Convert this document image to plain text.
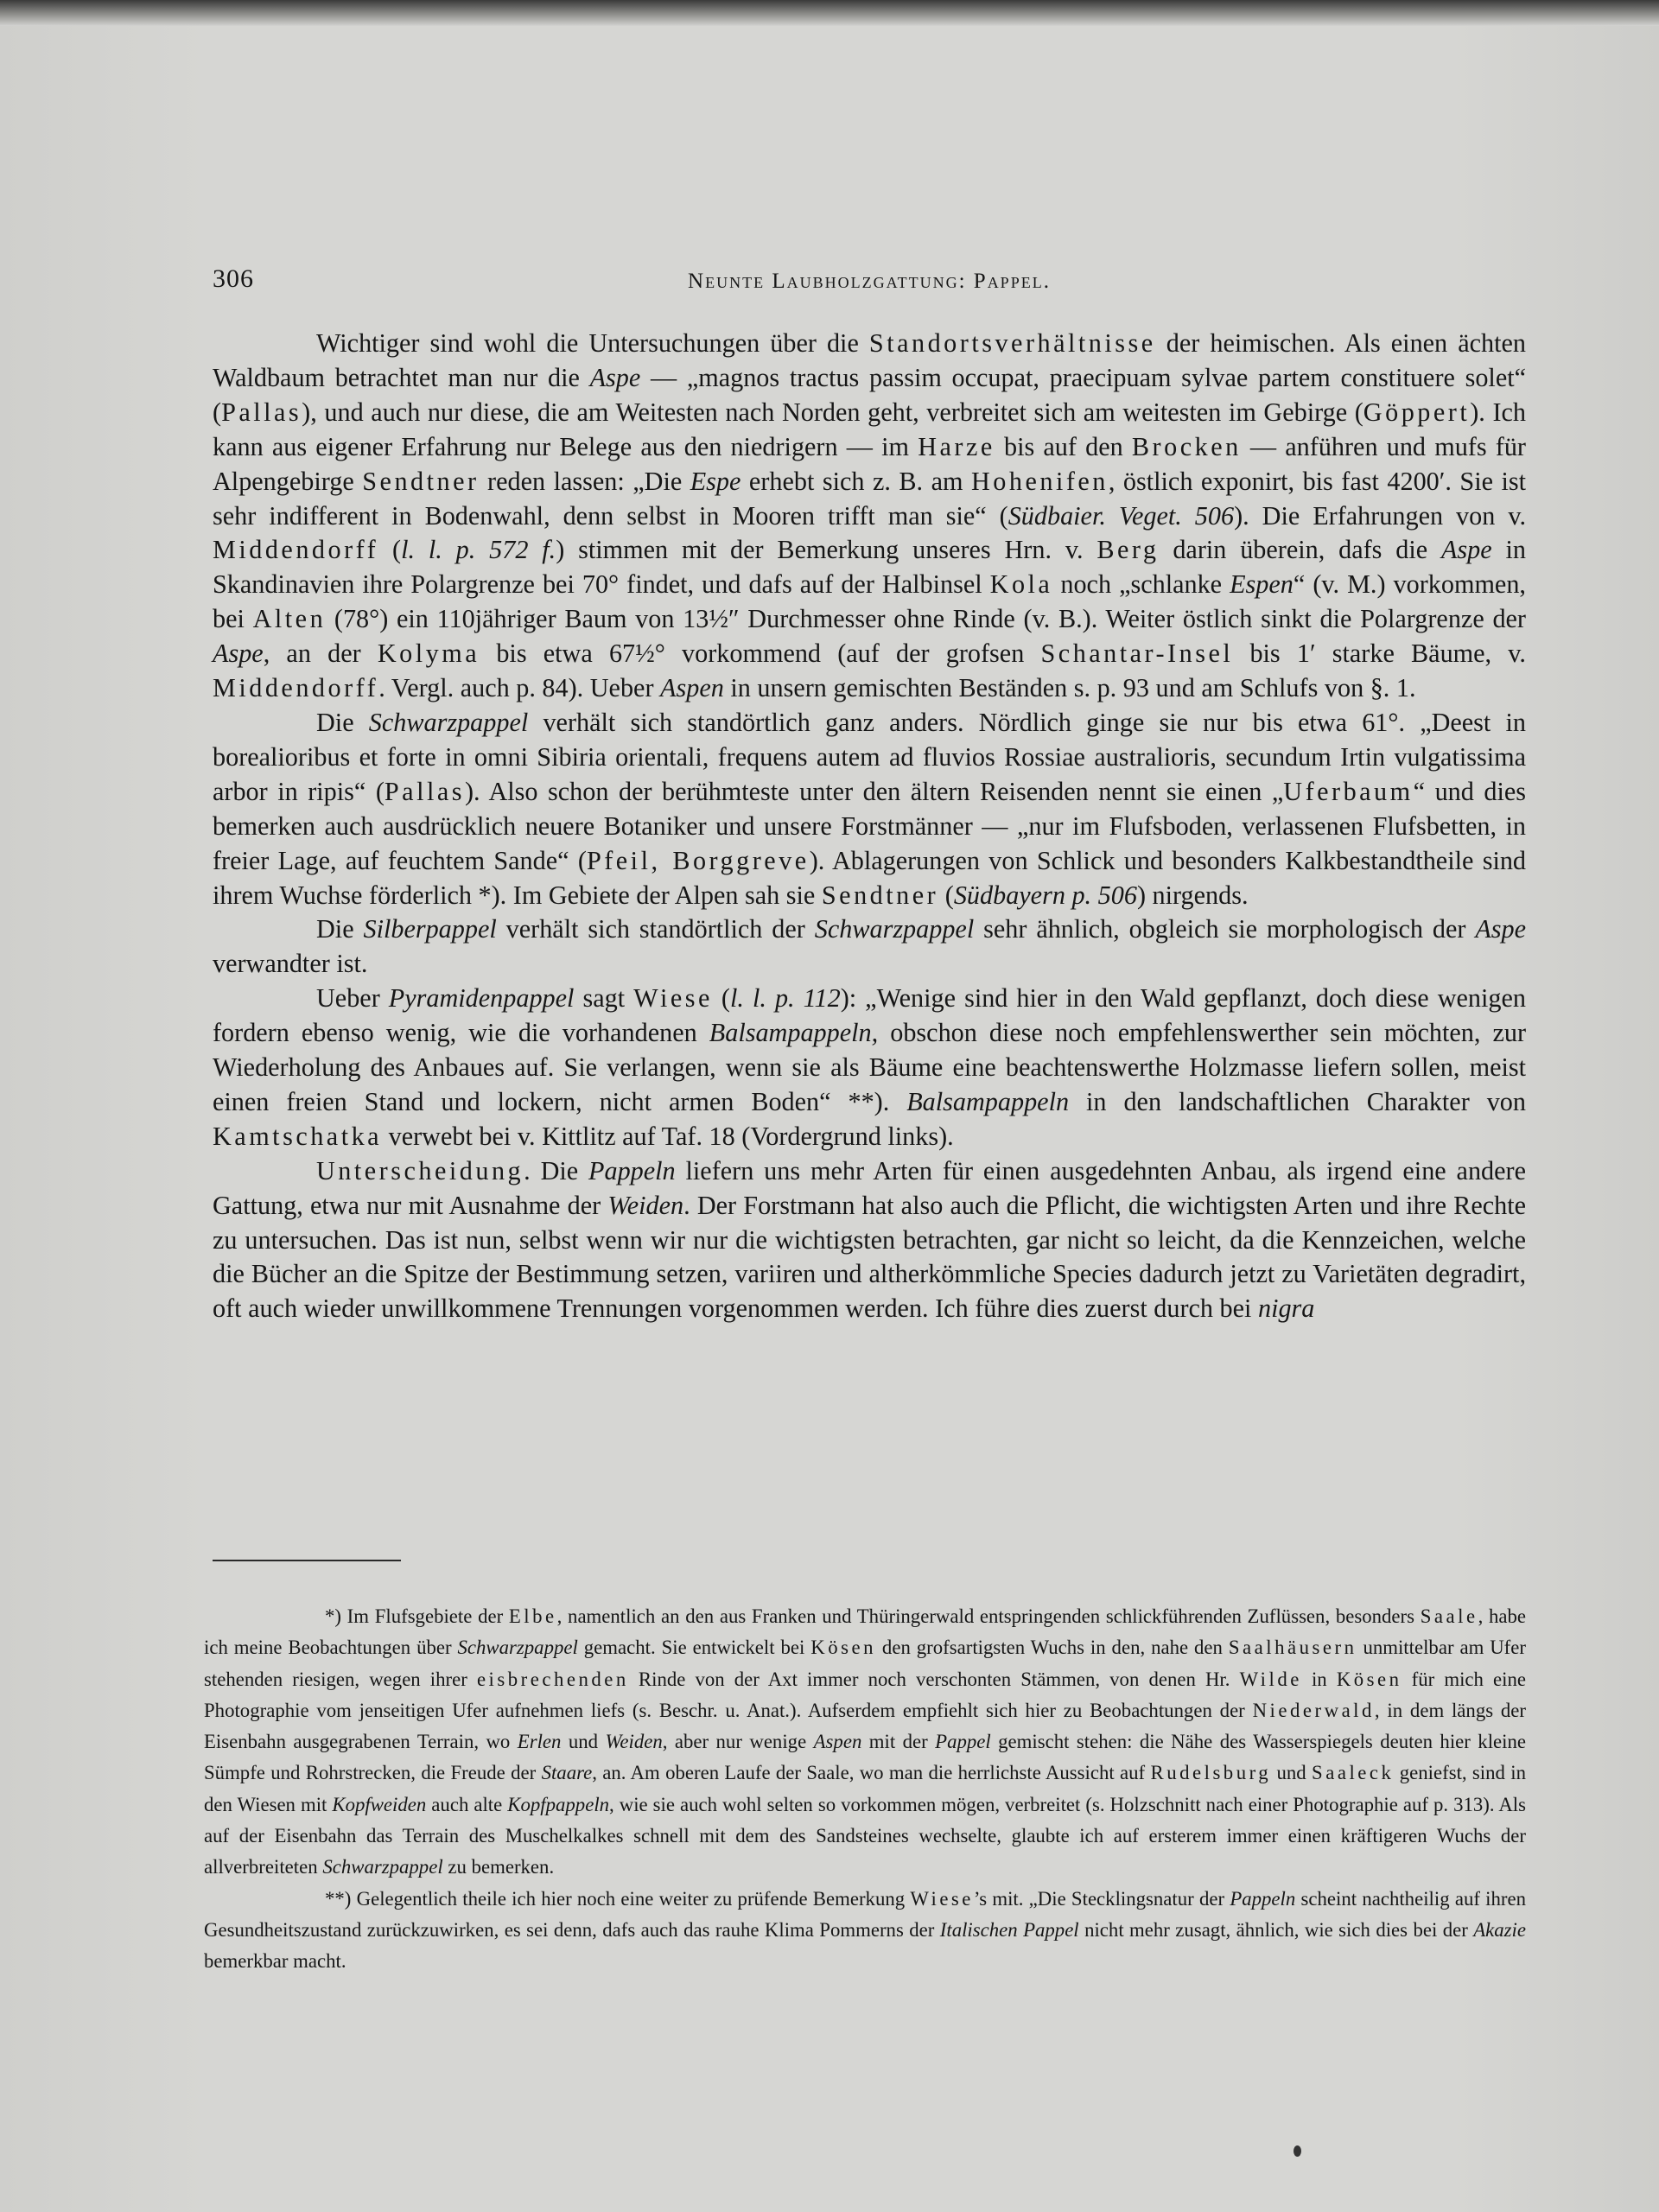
306	Neunte Laubholzgattung: Pappel.

Wichtiger sind wohl die Untersuchungen über die Standortsverhältnisse der heimischen. Als einen ächten Waldbaum betrachtet man nur die Aspe — „magnos tractus passim occupat, praecipuam sylvae partem constituere solet“ (Pallas), und auch nur diese, die am Weitesten nach Norden geht, verbreitet sich am weitesten im Gebirge (Göppert). Ich kann aus eigener Erfahrung nur Belege aus den niedrigern — im Harze bis auf den Brocken — anführen und mufs für Alpengebirge Sendtner reden lassen: „Die Espe erhebt sich z. B. am Hohenifen, östlich exponirt, bis fast 4200′. Sie ist sehr indifferent in Bodenwahl, denn selbst in Mooren trifft man sie“ (Südbaier. Veget. 506). Die Erfahrungen von v. Middendorff (l. l. p. 572 f.) stimmen mit der Bemerkung unseres Hrn. v. Berg darin überein, dafs die Aspe in Skandinavien ihre Polargrenze bei 70° findet, und dafs auf der Halbinsel Kola noch „schlanke Espen“ (v. M.) vorkommen, bei Alten (78°) ein 110jähriger Baum von 13½″ Durchmesser ohne Rinde (v. B.). Weiter östlich sinkt die Polargrenze der Aspe, an der Kolyma bis etwa 67½° vorkommend (auf der grofsen Schantar-Insel bis 1′ starke Bäume, v. Middendorff. Vergl. auch p. 84). Ueber Aspen in unsern gemischten Beständen s. p. 93 und am Schlufs von §. 1.

Die Schwarzpappel verhält sich standörtlich ganz anders. Nördlich ginge sie nur bis etwa 61°. „Deest in borealioribus et forte in omni Sibiria orientali, frequens autem ad fluvios Rossiae australioris, secundum Irtin vulgatissima arbor in ripis“ (Pallas). Also schon der berühmteste unter den ältern Reisenden nennt sie einen „Uferbaum“ und dies bemerken auch ausdrücklich neuere Botaniker und unsere Forstmänner — „nur im Flufsboden, verlassenen Flufsbetten, in freier Lage, auf feuchtem Sande“ (Pfeil, Borggreve). Ablagerungen von Schlick und besonders Kalkbestandtheile sind ihrem Wuchse förderlich *). Im Gebiete der Alpen sah sie Sendtner (Südbayern p. 506) nirgends.

Die Silberpappel verhält sich standörtlich der Schwarzpappel sehr ähnlich, obgleich sie morphologisch der Aspe verwandter ist.

Ueber Pyramidenpappel sagt Wiese (l. l. p. 112): „Wenige sind hier in den Wald gepflanzt, doch diese wenigen fordern ebenso wenig, wie die vorhandenen Balsampappeln, obschon diese noch empfehlenswerther sein möchten, zur Wiederholung des Anbaues auf. Sie verlangen, wenn sie als Bäume eine beachtenswerthe Holzmasse liefern sollen, meist einen freien Stand und lockern, nicht armen Boden“ **). Balsampappeln in den landschaftlichen Charakter von Kamtschatka verwebt bei v. Kittlitz auf Taf. 18 (Vordergrund links).

Unterscheidung. Die Pappeln liefern uns mehr Arten für einen ausgedehnten Anbau, als irgend eine andere Gattung, etwa nur mit Ausnahme der Weiden. Der Forstmann hat also auch die Pflicht, die wichtigsten Arten und ihre Rechte zu untersuchen. Das ist nun, selbst wenn wir nur die wichtigsten betrachten, gar nicht so leicht, da die Kennzeichen, welche die Bücher an die Spitze der Bestimmung setzen, variiren und altherkömmliche Species dadurch jetzt zu Varietäten degradirt, oft auch wieder unwillkommene Trennungen vorgenommen werden. Ich führe dies zuerst durch bei nigra

*) Im Flufsgebiete der Elbe, namentlich an den aus Franken und Thüringerwald entspringenden schlickführenden Zuflüssen, besonders Saale, habe ich meine Beobachtungen über Schwarzpappel gemacht. Sie entwickelt bei Kösen den grofsartigsten Wuchs in den, nahe den Saalhäusern unmittelbar am Ufer stehenden riesigen, wegen ihrer eisbrechenden Rinde von der Axt immer noch verschonten Stämmen, von denen Hr. Wilde in Kösen für mich eine Photographie vom jenseitigen Ufer aufnehmen liefs (s. Beschr. u. Anat.). Aufserdem empfiehlt sich hier zu Beobachtungen der Niederwald, in dem längs der Eisenbahn ausgegrabenen Terrain, wo Erlen und Weiden, aber nur wenige Aspen mit der Pappel gemischt stehen: die Nähe des Wasserspiegels deuten hier kleine Sümpfe und Rohrstrecken, die Freude der Staare, an. Am oberen Laufe der Saale, wo man die herrlichste Aussicht auf Rudelsburg und Saaleck geniefst, sind in den Wiesen mit Kopfweiden auch alte Kopfpappeln, wie sie auch wohl selten so vorkommen mögen, verbreitet (s. Holzschnitt nach einer Photographie auf p. 313). Als auf der Eisenbahn das Terrain des Muschelkalkes schnell mit dem des Sandsteines wechselte, glaubte ich auf ersterem immer einen kräftigeren Wuchs der allverbreiteten Schwarzpappel zu bemerken.

**) Gelegentlich theile ich hier noch eine weiter zu prüfende Bemerkung Wiese’s mit. „Die Stecklingsnatur der Pappeln scheint nachtheilig auf ihren Gesundheitszustand zurückzuwirken, es sei denn, dafs auch das rauhe Klima Pommerns der Italischen Pappel nicht mehr zusagt, ähnlich, wie sich dies bei der Akazie bemerkbar macht.
